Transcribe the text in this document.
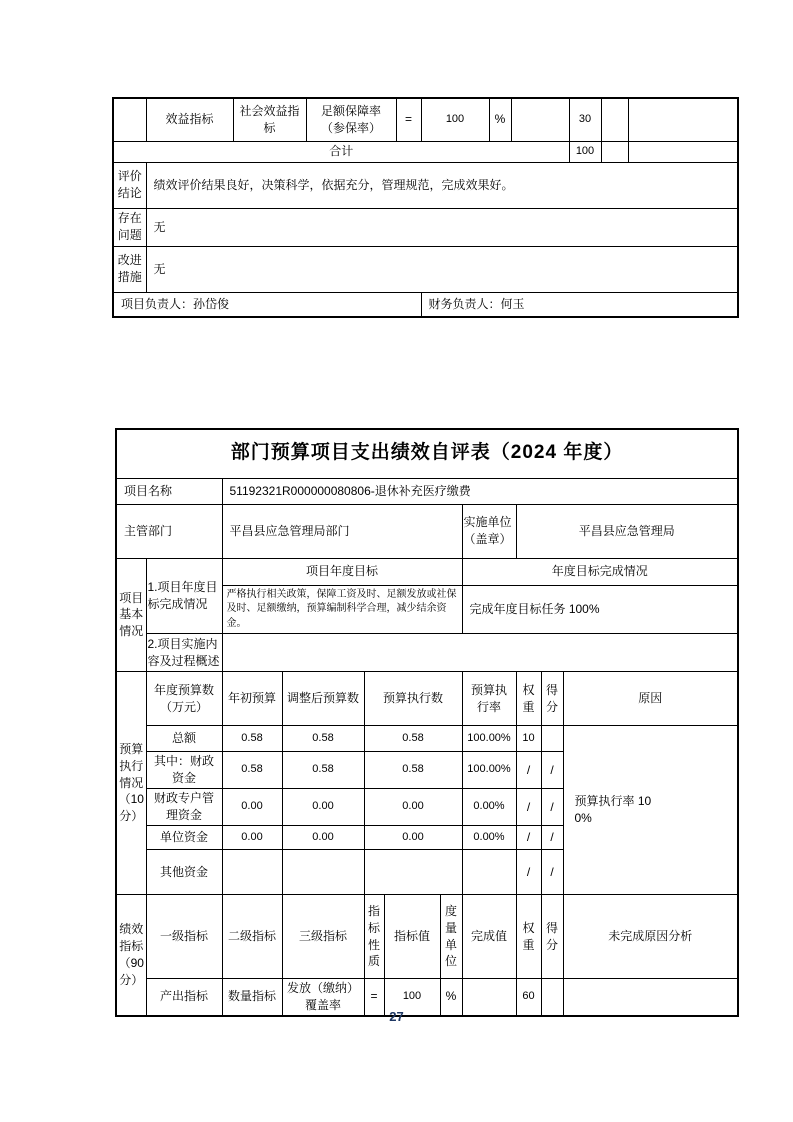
	效益指标	社会效益指标	足额保障率（参保率）	=	100	%		30		
合计								100		
评价结论	绩效评价结果良好，决策科学，依据充分，管理规范，完成效果好。									
存在问题	无									
改进措施	无									
项目负责人：孙岱俊					财务负责人：何玉					
部门预算项目支出绩效自评表（2024 年度）										
项目名称		51192321R000000080806-退休补充医疗缴费								
主管部门		平昌县应急管理局部门					实施单位（盖章）	平昌县应急管理局		
项目基本情况	1.项目年度目标完成情况	项目年度目标					年度目标完成情况			
		严格执行相关政策，保障工资及时、足额发放或社保及时、足额缴纳，预算编制科学合理，减少结余资金。					完成年度目标任务 100%			
	2.项目实施内容及过程概述									
预算执行情况（10分）	年度预算数（万元）	年初预算	调整后预算数	预算执行数			预算执行率	权重	得分	原因
	总额	0.58	0.58	0.58			100.00%	10		预算执行率 100%

	其中：财政资金	0.58	0.58	0.58			100.00%	/	/	
	财政专户管理资金	0.00	0.00	0.00			0.00%	/	/	
	单位资金	0.00	0.00	0.00			0.00%	/	/	
	其他资金							/	/	
绩效指标（90分）	一级指标	二级指标	三级指标	指标性质	指标值	度量单位	完成值	权重	得分	未完成原因分析

	产出指标	数量指标	发放（缴纳）覆盖率	=	100	%		60		
27
